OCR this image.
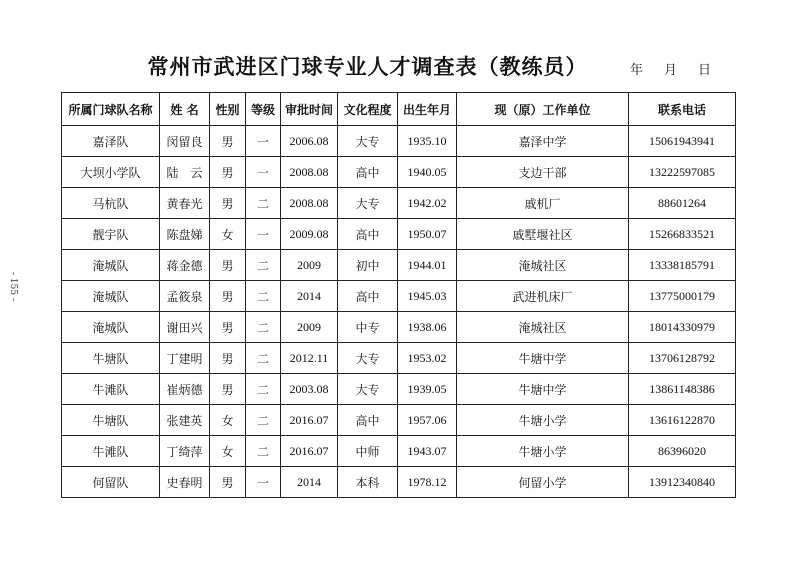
常州市武进区门球专业人才调查表（教练员）	年 月 日
- 155 -
所属门球队名称	姓 名	性别	等级	审批时间	文化程度	出生年月	现（原）工作单位	联系电话
嘉泽队	闵留良	男	一	2006.08	大专	1935.10	嘉泽中学	15061943941
大坝小学队	陆　云	男	一	2008.08	高中	1940.05	支边干部	13222597085
马杭队	黄春光	男	二	2008.08	大专	1942.02	戚机厂	88601264
靓宇队	陈盘娣	女	一	2009.08	高中	1950.07	戚墅堰社区	15266833521
淹城队	蒋金德	男	二	2009	初中	1944.01	淹城社区	13338185791
淹城队	孟筱泉	男	二	2014	高中	1945.03	武进机床厂	13775000179
淹城队	谢田兴	男	二	2009	中专	1938.06	淹城社区	18014330979
牛塘队	丁建明	男	二	2012.11	大专	1953.02	牛塘中学	13706128792
牛滩队	崔炳德	男	二	2003.08	大专	1939.05	牛塘中学	13861148386
牛塘队	张建英	女	二	2016.07	高中	1957.06	牛塘小学	13616122870
牛滩队	丁绮萍	女	二	2016.07	中师	1943.07	牛塘小学	86396020
何留队	史春明	男	一	2014	本科	1978.12	何留小学	13912340840
